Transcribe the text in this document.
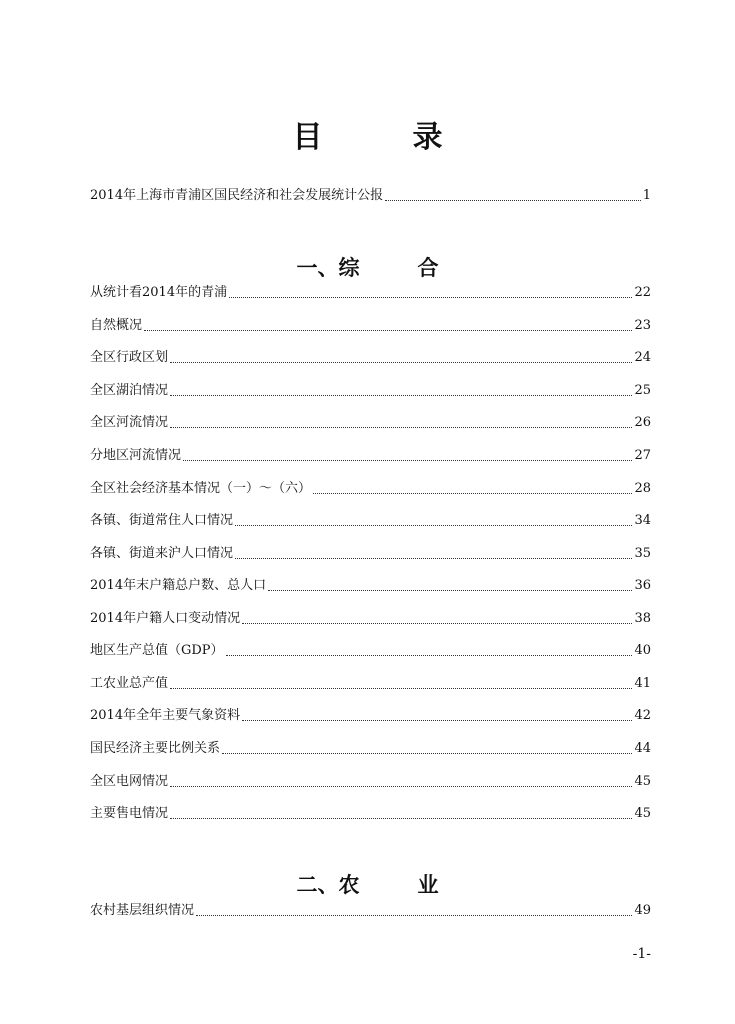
目	录
2014年上海市青浦区国民经济和社会发展统计公报	1
一、 综	合
从统计看2014年的青浦	22
自然概况	23
全区行政区划	24
全区湖泊情况	25
全区河流情况	26
分地区河流情况	27
全区社会经济基本情况（一）～（六）	28
各镇、街道常住人口情况	34
各镇、街道来沪人口情况	35
2014年末户籍总户数、总人口	36
2014年户籍人口变动情况	38
地区生产总值（GDP）	40
工农业总产值	41
2014年全年主要气象资料	42
国民经济主要比例关系	44
全区电网情况	45
主要售电情况	45
二、 农	业
农村基层组织情况	49
-1-
